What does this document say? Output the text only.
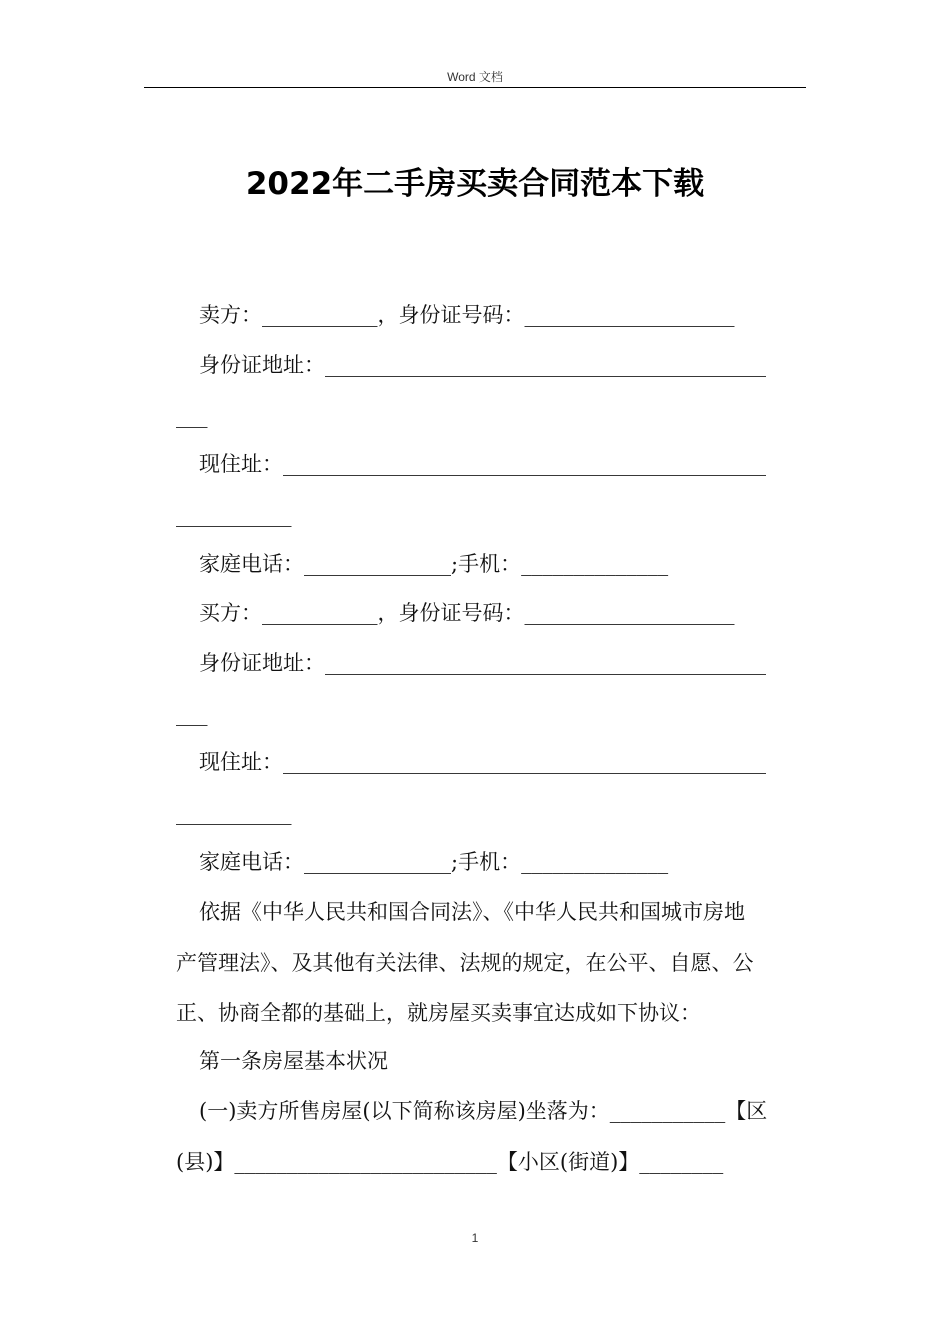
Word 文档
2022年二手房买卖合同范本下载
卖方：___________，身份证号码：____________________
身份证地址：__________________________________________
___
现住址：______________________________________________
___________
家庭电话：______________;手机：______________
买方：___________，身份证号码：____________________
身份证地址：__________________________________________
___
现住址：______________________________________________
___________
家庭电话：______________;手机：______________
依据《中华人民共和国合同法》、《中华人民共和国城市房地
产管理法》、及其他有关法律、法规的规定，在公平、自愿、公
正、协商全都的基础上，就房屋买卖事宜达成如下协议：
第一条房屋基本状况
(一)卖方所售房屋(以下简称该房屋)坐落为：___________【区
(县)】_________________________【小区(街道)】________
1
